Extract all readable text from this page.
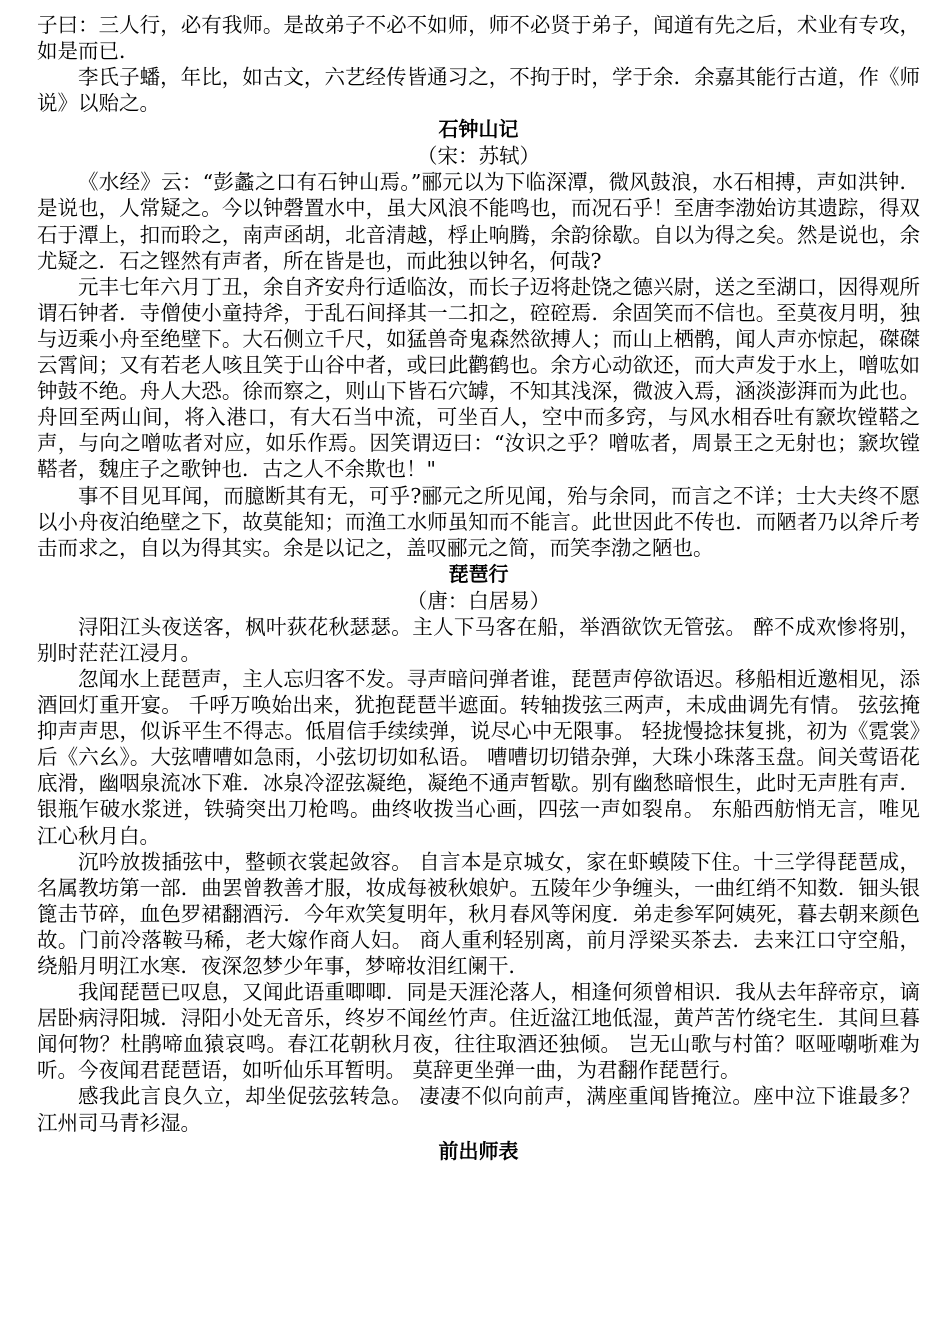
子曰：三人行，必有我师。是故弟子不必不如师，师不必贤于弟子，闻道有先之后，术业有专攻，如是而已．

李氏子蟠，年比，如古文，六艺经传皆通习之，不拘于时，学于余．余嘉其能行古道，作《师说》以贻之。

石钟山记

（宋：苏轼）

《水经》云：“彭蠡之口有石钟山焉。”郦元以为下临深潭，微风鼓浪，水石相搏，声如洪钟．是说也，人常疑之。今以钟磬置水中，虽大风浪不能鸣也，而况石乎！至唐李渤始访其遗踪，得双石于潭上，扣而聆之，南声函胡，北音清越，桴止响腾，余韵徐歇。自以为得之矣。然是说也，余尤疑之．石之铿然有声者，所在皆是也，而此独以钟名，何哉?

元丰七年六月丁丑，余自齐安舟行适临汝，而长子迈将赴饶之德兴尉，送之至湖口，因得观所谓石钟者．寺僧使小童持斧，于乱石间择其一二扣之，硿硿焉．余固笑而不信也。至莫夜月明，独与迈乘小舟至绝壁下。大石侧立千尺，如猛兽奇鬼森然欲搏人；而山上栖鹘，闻人声亦惊起，磔磔云霄间；又有若老人咳且笑于山谷中者，或曰此鹳鹤也。余方心动欲还，而大声发于水上，噌吰如钟鼓不绝。舟人大恐。徐而察之，则山下皆石穴罅，不知其浅深，微波入焉，涵淡澎湃而为此也。舟回至两山间，将入港口，有大石当中流，可坐百人，空中而多窍，与风水相吞吐有窾坎镗鞳之声，与向之噌吰者对应，如乐作焉。因笑谓迈曰：“汝识之乎？噌吰者，周景王之无射也；窾坎镗鞳者，魏庄子之歌钟也．古之人不余欺也！"

事不目见耳闻，而臆断其有无，可乎?郦元之所见闻，殆与余同，而言之不详；士大夫终不愿以小舟夜泊绝壁之下，故莫能知；而渔工水师虽知而不能言。此世因此不传也．而陋者乃以斧斤考击而求之，自以为得其实。余是以记之，盖叹郦元之简，而笑李渤之陋也。

琵琶行

（唐：白居易）

浔阳江头夜送客，枫叶荻花秋瑟瑟。主人下马客在船，举酒欲饮无管弦。 醉不成欢惨将别，别时茫茫江浸月。

忽闻水上琵琶声，主人忘归客不发。寻声暗问弹者谁，琵琶声停欲语迟。移船相近邀相见，添酒回灯重开宴。 千呼万唤始出来，犹抱琵琶半遮面。转轴拨弦三两声，未成曲调先有情。 弦弦掩抑声声思，似诉平生不得志。低眉信手续续弹，说尽心中无限事。 轻拢慢捻抹复挑，初为《霓裳》后《六幺》。大弦嘈嘈如急雨，小弦切切如私语。 嘈嘈切切错杂弹，大珠小珠落玉盘。间关莺语花底滑，幽咽泉流冰下难．冰泉冷涩弦凝绝，凝绝不通声暂歇。别有幽愁暗恨生，此时无声胜有声．银瓶乍破水浆迸，铁骑突出刀枪鸣。曲终收拨当心画，四弦一声如裂帛。 东船西舫悄无言，唯见江心秋月白。

沉吟放拨插弦中，整顿衣裳起敛容。 自言本是京城女，家在虾蟆陵下住。十三学得琵琶成，名属教坊第一部．曲罢曾教善才服，妆成每被秋娘妒。五陵年少争缠头，一曲红绡不知数．钿头银篦击节碎，血色罗裙翻酒污．今年欢笑复明年，秋月春风等闲度．弟走参军阿姨死，暮去朝来颜色故。门前冷落鞍马稀，老大嫁作商人妇。 商人重利轻别离，前月浮梁买茶去．去来江口守空船，绕船月明江水寒．夜深忽梦少年事，梦啼妆泪红阑干．

我闻琵琶已叹息，又闻此语重唧唧．同是天涯沦落人，相逢何须曾相识．我从去年辞帝京，谪居卧病浔阳城．浔阳小处无音乐，终岁不闻丝竹声。住近湓江地低湿，黄芦苦竹绕宅生．其间旦暮闻何物？杜鹃啼血猿哀鸣。春江花朝秋月夜，往往取酒还独倾。 岂无山歌与村笛？呕哑嘲哳难为听。今夜闻君琵琶语，如听仙乐耳暂明。 莫辞更坐弹一曲，为君翻作琵琶行。

感我此言良久立，却坐促弦弦转急。 凄凄不似向前声，满座重闻皆掩泣。座中泣下谁最多？江州司马青衫湿。

前出师表
